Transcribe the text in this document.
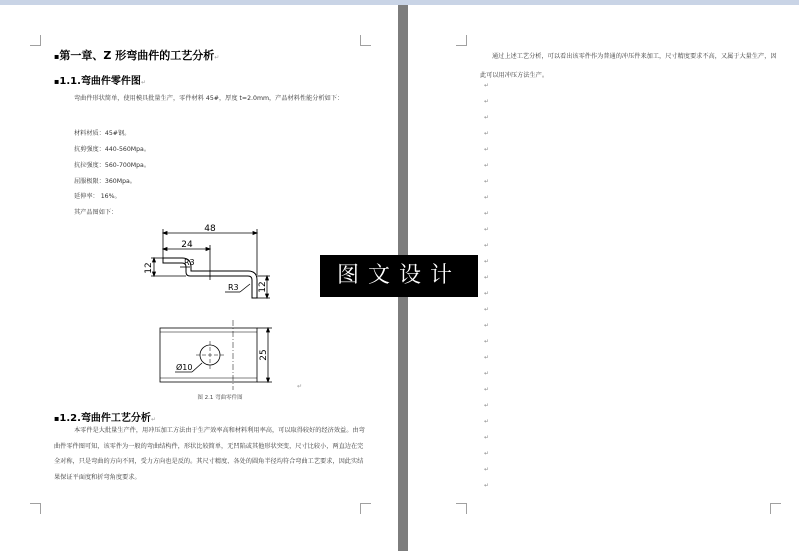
▪第一章、Z 形弯曲件的工艺分析↵
▪1.1.弯曲件零件图↵
弯曲件形状简单，使用模具批量生产，零件材料 45#，厚度 t=2.0mm，产品材料性能分析如下：
材料材质：45#钢。
抗剪强度：440-560Mpa。
抗拉强度：560-700Mpa。
屈服极限：360Mpa。
延伸率： 16%。
其产品图如下：
48
24
12	R3
R3 12
25
Ø10
↵
图 2.1 弯曲零件图
▪1.2.弯曲件工艺分析↵
本零件是大批量生产件，用冲压加工方法由于生产效率高和材料利用率高，可以取得较好的经济效益。由弯曲件零件图可知，该零件为一般的弯曲结构件，形状比较简单，无凹陷或其他形状突变，尺寸比较小，两直边在完全对称，只是弯曲的方向不同，受力方向也是反的。其尺寸精度、各处的圆角半径均符合弯曲工艺要求，因此实结果保证平面度和折弯角度要求。
通过上述工艺分析，可以看出该零件作为普通的冲压件来加工，尺寸精度要求不高，又属于大量生产，因此可以用冲压方法生产。
↵
↵
↵
↵
↵
↵
↵
↵
↵
↵
↵
↵
↵
↵
↵
↵
↵
↵
↵
↵
↵
↵
↵
↵
↵
↵
图文设计
